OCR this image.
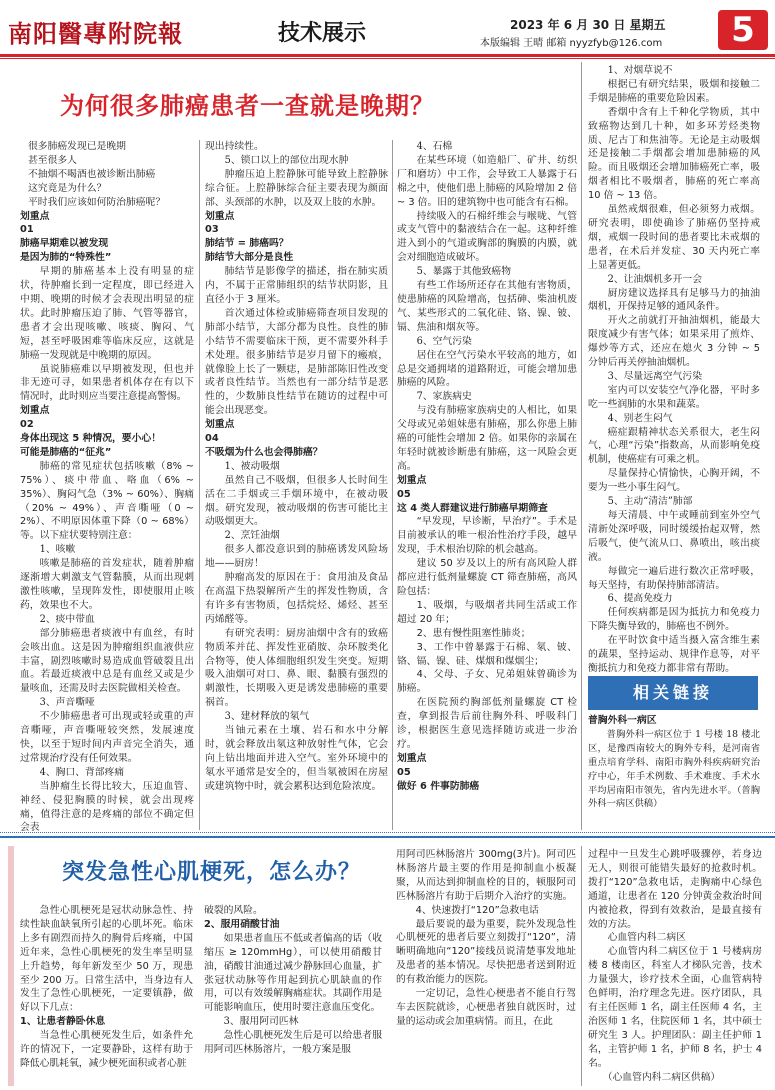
南阳醫專附院報	技术展示	2023 年 6 月 30 日 星期五
本版编辑 王晴 邮箱 nyyzfyb@126.com	5
为何很多肺癌患者一查就是晚期？

很多肺癌发现已是晚期

甚至很多人

不抽烟不喝酒也被诊断出肺癌

这究竟是为什么？

平时我们应该如何防治肺癌呢？

划重点

01

肺癌早期难以被发现

是因为肺的“特殊性”

早期的肺癌基本上没有明显的症状，待肿瘤长到一定程度，即已经进入中期、晚期的时候才会表现出明显的症状。此时肿瘤压迫了肺、气管等器官，患者才会出现咳嗽、咳痰、胸闷、气短，甚至呼吸困难等临床反应，这就是肺癌一发现就是中晚期的原因。

虽说肺癌难以早期被发现，但也并非无迹可寻，如果患者机体存在有以下情况时，此时则应当要注意提高警惕。

划重点

02

身体出现这 5 种情况，要小心！

可能是肺癌的“征兆”

肺癌的常见症状包括咳嗽（8% ~ 75%）、痰中带血、咯血（6% ~ 35%）、胸闷气急（3% ~ 60%）、胸痛（20% ~ 49%）、声音嘶哑（0 ~ 2%）、不明原因体重下降（0 ~ 68%）等。以下症状要特别注意：

1、咳嗽

咳嗽是肺癌的首发症状，随着肿瘤逐渐增大刺激支气管黏膜，从而出现刺激性咳嗽，呈现阵发性，即使服用止咳药，效果也不大。

2、痰中带血

部分肺癌患者痰液中有血丝，有时会咳出血。这是因为肿瘤组织血液供应丰富，剧烈咳嗽时易造成血管破裂且出血。若最近痰液中总是有血丝又或是少量咳血，还需及时去医院做相关检查。

3、声音嘶哑

不少肺癌患者可出现或轻或重的声音嘶哑，声音嘶哑较突然，发展速度快，以至于短时间内声音完全消失，通过常规治疗没有任何效果。

4、胸口、背部疼痛

当肿瘤生长得比较大，压迫血管、神经、侵犯胸膜的时候，就会出现疼痛，值得注意的是疼痛的部位不确定但会表

现出持续性。

5、锁口以上的部位出现水肿

肿瘤压迫上腔静脉可能导致上腔静脉综合征。上腔静脉综合征主要表现为颜面部、头颈部的水肿，以及双上肢的水肿。

划重点

03

肺结节 = 肺癌吗？

肺结节大部分是良性

肺结节是影像学的描述，指在肺实质内，不属于正常肺组织的结节状阴影，且直径小于 3 厘米。

首次通过体检或肺癌筛查项目发现的肺部小结节，大部分都为良性。良性的肺小结节不需要临床干预，更不需要外科手术处理。很多肺结节是岁月留下的瘢痕，就像脸上长了一颗痣，是肺部陈旧性改变或者良性结节。当然也有一部分结节是恶性的，少数肺良性结节在随访的过程中可能会出现恶变。

划重点

04

不吸烟为什么也会得肺癌？

1、被动吸烟

虽然自己不吸烟，但很多人长时间生活在二手烟或三手烟环境中，在被动吸烟。研究发现，被动吸烟的伤害可能比主动吸烟更大。

2、烹饪油烟

很多人都没意识到的肺癌诱发风险场地——厨房！

肿瘤高发的原因在于：食用油及食品在高温下热裂解所产生的挥发性物质，含有许多有害物质，包括烷烃、烯烃、甚至丙烯醛等。

有研究表明：厨房油烟中含有的致癌物质苯并芘、挥发性亚硝胺、杂环胺类化合物等，使人体细胞组织发生突变。短期吸入油烟可对口、鼻、眼、黏膜有强烈的刺激性，长期吸入更是诱发患肺癌的重要祸首。

3、建材释放的氡气

当铀元素在土壤、岩石和水中分解时，就会释放出氡这种放射性气体，它会向上钻出地面并进入空气。室外环境中的氡水平通常是安全的，但当氡被困在房屋或建筑物中时，就会累积达到危险浓度。

4、石棉

在某些环境（如造船厂、矿井、纺织厂和磨坊）中工作，会导致工人暴露于石棉之中，使他们患上肺癌的风险增加 2 倍 ~ 3 倍。旧的建筑物中也可能含有石棉。

持续吸入的石棉纤维会与喉咙、气管或支气管中的黏液结合在一起。这种纤维进入到小的气道或胸部的胸膜的内膜，就会对细胞造成破坏。

5、暴露于其他致癌物

有些工作场所还存在其他有害物质，使患肺癌的风险增高，包括砷、柴油机废气、某些形式的二氧化硅、铬、镍、铍、镉、焦油和烟灰等。

6、空气污染

居住在空气污染水平较高的地方，如总是交通拥堵的道路附近，可能会增加患肺癌的风险。

7、家族病史

与没有肺癌家族病史的人相比，如果父母或兄弟姐妹患有肺癌，那么你患上肺癌的可能性会增加 2 倍。如果你的亲属在年轻时就被诊断患有肺癌，这一风险会更高。

划重点

05

这 4 类人群建议进行肺癌早期筛查

“早发现，早诊断，早治疗”。手术是目前被承认的唯一根治性治疗手段，越早发现，手术根治切除的机会越高。

建议 50 岁及以上的所有高风险人群都应进行低剂量螺旋 CT 筛查肺癌，高风险包括：

1、吸烟，与吸烟者共同生活或工作超过 20 年；

2、患有慢性阻塞性肺炎；

3、工作中曾暴露于石棉、氡、铍、铬、镉、镍、硅、煤烟和煤烟尘；

4、父母、子女、兄弟姐妹曾确诊为肺癌。

在医院预约胸部低剂量螺旋 CT 检查，拿到报告后前往胸外科、呼吸科门诊，根据医生意见选择随访或进一步治疗。

划重点

05

做好 6 件事防肺癌

1、对烟草说不

根据已有研究结果，吸烟和接触二手烟是肺癌的重要危险因素。

香烟中含有上千种化学物质，其中致癌物达到几十种，如多环芳烃类物质、尼古丁和焦油等。无论是主动吸烟还是接触二手烟都会增加患肺癌的风险。而且吸烟还会增加肺癌死亡率，吸烟者相比不吸烟者，肺癌的死亡率高 10 倍 ~ 13 倍。

虽然戒烟很难，但必须努力戒烟。研究表明，即使确诊了肺癌仍坚持戒烟，戒烟一段时间的患者要比未戒烟的患者，在术后并发症、30 天内死亡率上显著更低。

2、让油烟机多开一会

厨房建议选择具有足够马力的抽油烟机，开保持足够的通风条件。

开火之前就打开抽油烟机，能最大限度减少有害气体；如果采用了煎炸、爆炒等方式，还应在熄火 3 分钟 ~ 5 分钟后再关停抽油烟机。

3、尽量远离空气污染

室内可以安装空气净化器，平时多吃一些润肺的水果和蔬菜。

4、别老生闷气

癌症跟精神状态关系很大，老生闷气，心理“污染”指数高，从而影响免疫机制，使癌症有可乘之机。

尽量保持心情愉快，心胸开阔，不要为一些小事生闷气。

5、主动“清洁”肺部

每天清晨、中午或睡前到室外空气清新处深呼吸，同时缓缓抬起双臂，然后吸气，使气流从口、鼻喷出，咳出痰液。

每做完一遍后进行数次正常呼吸，每天坚持，有助保持肺部清洁。

6、提高免疫力

任何疾病都是因为抵抗力和免疫力下降失衡导致的，肺癌也不例外。

在平时饮食中适当摄入富含维生素的蔬果，坚持运动、规律作息等，对平衡抵抗力和免疫力都非常有帮助。

相关链接

普胸外科一病区

普胸外科一病区位于 1 号楼 18 楼北区，是豫西南较大的胸外专科，是河南省重点培育学科、南阳市胸外科疾病研究治疗中心，年手术例数、手术难度、手术水平均居南阳市领先，省内先进水平。（普胸外科一病区供稿）

突发急性心肌梗死，怎么办？

急性心肌梗死是冠状动脉急性、持续性缺血缺氧所引起的心肌坏死。临床上多有剧烈而持久的胸骨后疼痛，中国近年来，急性心肌梗死的发生率呈明显上升趋势，每年新发至少 50 万，现患至少 200 万。日常生活中，当身边有人发生了急性心肌梗死，一定要镇静，做好以下几点：

1、让患者静卧休息

当急性心肌梗死发生后，如条件允许的情况下，一定要静卧，这样有助于降低心肌耗氧，减少梗死面积或者心脏

破裂的风险。

2、服用硝酸甘油

如果患者血压不低或者偏高的话（收缩压 ≥ 120mmHg），可以使用硝酸甘油，硝酸甘油通过减少静脉回心血量，扩张冠状动脉等作用起到抗心肌缺血的作用，可以有效缓解胸痛症状。其副作用是可能影响血压，使用时要注意血压变化。

3、服用阿司匹林

急性心肌梗死发生后是可以给患者服用阿司匹林肠溶片，一般方案是服

用阿司匹林肠溶片 300mg(3片)。阿司匹林肠溶片最主要的作用是抑制血小板凝聚，从而达到抑制血栓的目的，顿服阿司匹林肠溶片有助于后期介入治疗的实施。

4、快速拨打“120”急救电话

最后要说的最为重要，院外发现急性心肌梗死的患者后要立刻拨打“120”，清晰明确地向“120”接线员说清楚事发地址及患者的基本情况。尽快把患者送到附近的有救治能力的医院。

一定切记，急性心梗患者不能自行驾车去医院就诊，心梗患者独自就医时，过量的运动或会加重病情。而且，在此

过程中一旦发生心跳呼吸骤停，若身边无人，则很可能错失最好的抢救时机。拨打“120”急救电话，走胸痛中心绿色通道，让患者在 120 分钟黄金救治时间内被抢救，得到有效救治，是最直接有效的方法。

心血管内科二病区

心血管内科二病区位于 1 号楼病房楼 8 楼南区，科室人才梯队完善，技术力量强大，诊疗技术全面，心血管病特色鲜明，治疗理念先进。医疗团队，具有主任医师 1 名，副主任医师 4 名，主治医师 1 名，住院医师 1 名，其中硕士研究生 3 人。护理团队：副主任护师 1 名，主管护师 1 名，护师 8 名，护士 4 名。

　　（心血管内科二病区供稿）
